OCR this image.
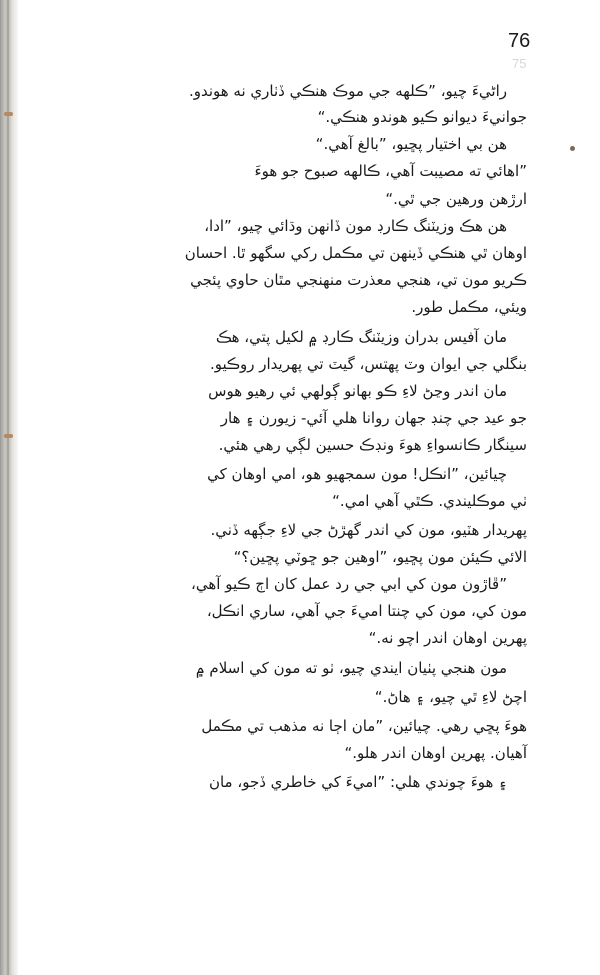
76
75
راڻيءَ چيو، ”ڪلهه جي موڪ هنڪي ڏٺاري نه هوندو.
جوانيءَ ديوانو ڪيو هوندو هنڪي.“
هن بي اختيار پڇيو، ”بالغ آهي.“
”اهائي ته مصيبت آهي، ڪالهه صبوح جو هوءَ
ارڙهن ورهين جي ٿي.“
هن هڪ وزيٽنگ ڪارڊ مون ڏانهن وڌائي چيو، ”ادا،
اوهان ٿي هنڪي ڏينهن تي مڪمل رکي سگهو ٿا. احسان
ڪريو مون تي، هنجي معذرت منهنجي مٿان حاوي پئجي
ويئي، مڪمل طور.
مان آفيس بدران وزيٽنگ ڪارڊ ۾ لکيل پتي، هڪ
بنگلي جي ايوان وٽ پهتس، گيٽ تي پهريدار روڪيو.
مان اندر وڃڻ لاءِ ڪو بهانو ڳولهي ئي رهيو هوس
جو عيد جي چنڊ جهان روانا هلي آئي- زيورن ۽ هار
سينگار ڪانسواءِ هوءَ ونڊڪ حسين لڳي رهي هئي.
چيائين، ”انڪل! مون سمجهيو هو، امي اوهان کي
ٺي موڪليندي. ڪٿي آهي امي.“
پهريدار هٽيو، مون کي اندر گهڙڻ جي لاءِ جڳهه ڏني.
الائي ڪيئن مون پڇيو، ”اوهين جو ڇوٽي پڇين؟“
”ڦاڙون مون کي ابي جي رد عمل کان اڄ ڪيو آهي،
مون کي، مون کي چنتا اميءَ جي آهي، ساري انڪل،
پهرين اوهان اندر اچو نه.“
مون هنجي پٺيان ايندي چيو، ٺو ته مون کي اسلام ۾
اچڻ لاءِ ٿي چيو، ۽ هاڻ.“
هوءَ پڇي رهي. چيائين، ”مان اڄا نه مذهب تي مڪمل
آهيان. پهرين اوهان اندر هلو.“
۽ هوءَ چوندي هلي: ”اميءَ کي خاطري ڏجو، مان
